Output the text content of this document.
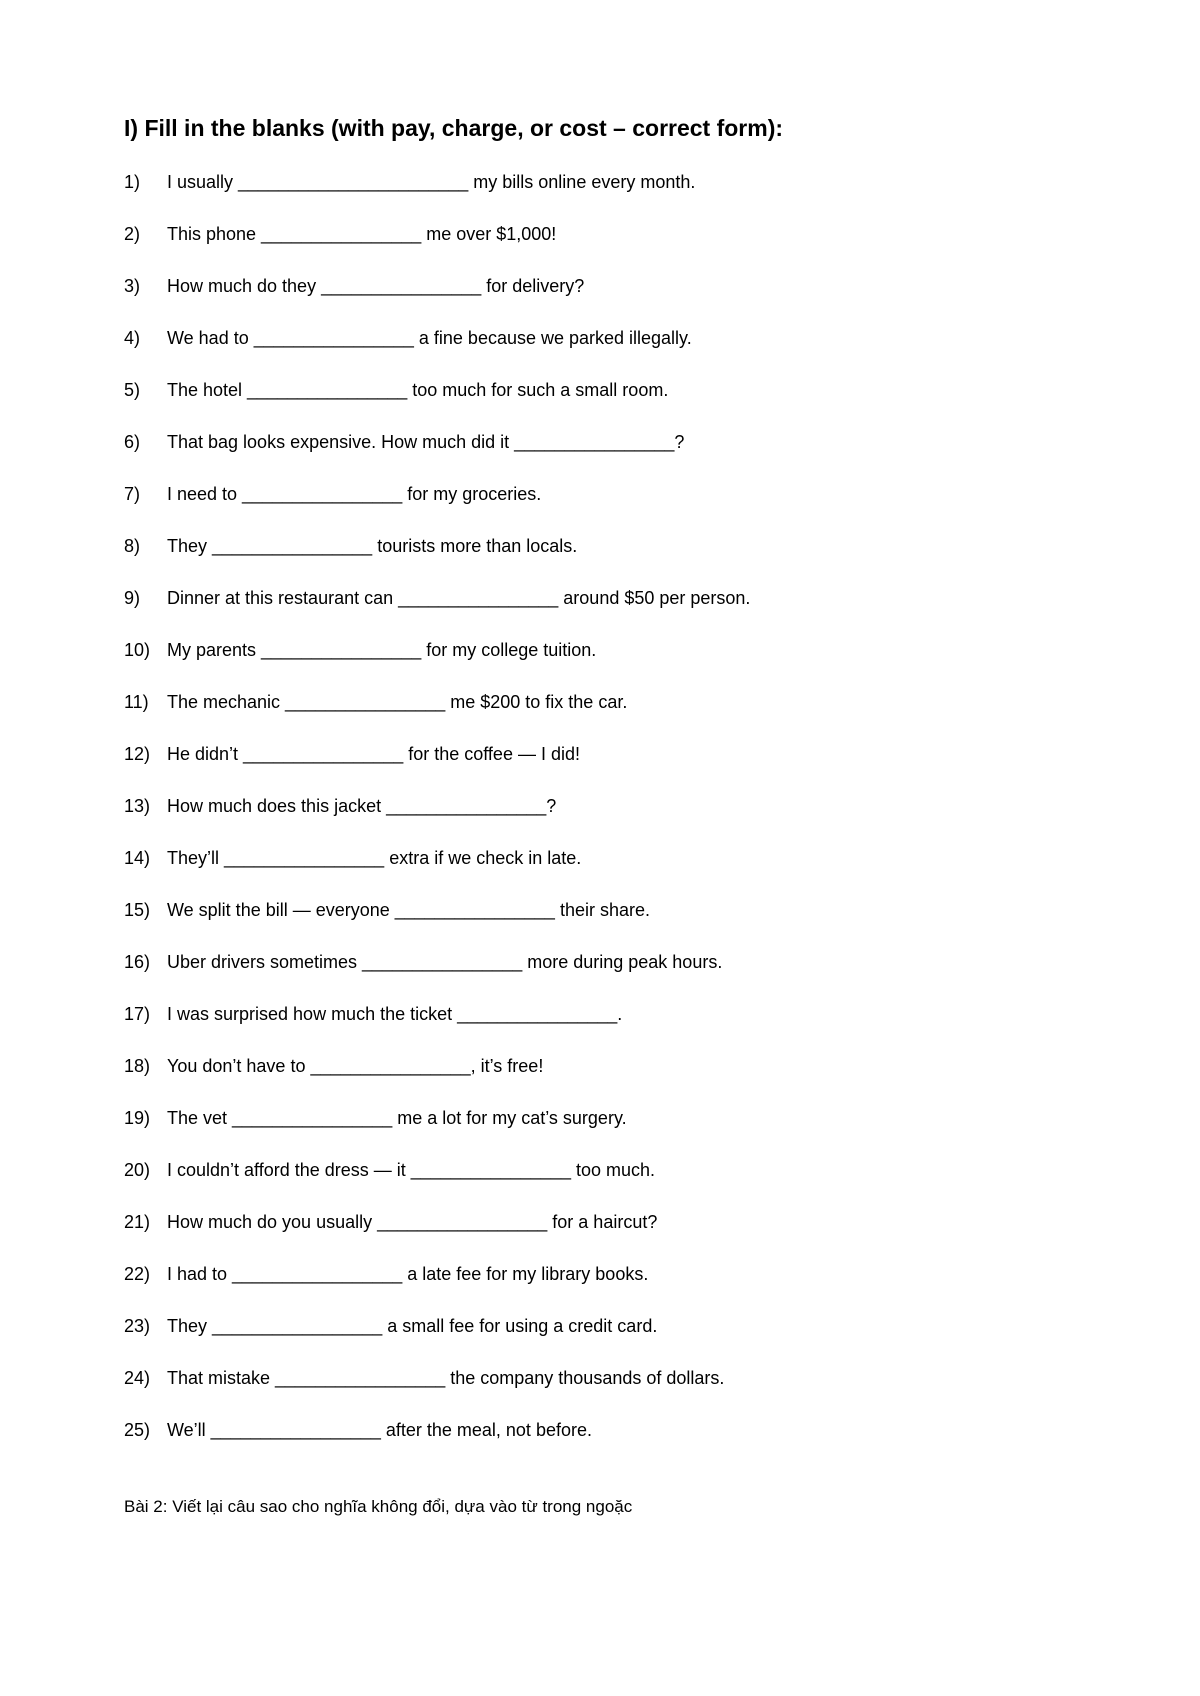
I) Fill in the blanks (with pay, charge, or cost – correct form):
1) I usually _______________________ my bills online every month.
2) This phone ________________ me over $1,000!
3) How much do they ________________ for delivery?
4) We had to ________________ a fine because we parked illegally.
5) The hotel ________________ too much for such a small room.
6) That bag looks expensive. How much did it ________________?
7) I need to ________________ for my groceries.
8) They ________________ tourists more than locals.
9) Dinner at this restaurant can ________________ around $50 per person.
10) My parents ________________ for my college tuition.
11) The mechanic ________________ me $200 to fix the car.
12) He didn’t ________________ for the coffee — I did!
13) How much does this jacket ________________?
14) They’ll ________________ extra if we check in late.
15) We split the bill — everyone ________________ their share.
16) Uber drivers sometimes ________________ more during peak hours.
17) I was surprised how much the ticket ________________.
18) You don’t have to ________________, it’s free!
19) The vet ________________ me a lot for my cat’s surgery.
20) I couldn’t afford the dress — it ________________ too much.
21) How much do you usually _________________ for a haircut?
22) I had to _________________ a late fee for my library books.
23) They _________________ a small fee for using a credit card.
24) That mistake _________________ the company thousands of dollars.
25) We’ll _________________ after the meal, not before.
Bài 2: Viết lại câu sao cho nghĩa không đổi, dựa vào từ trong ngoặc
